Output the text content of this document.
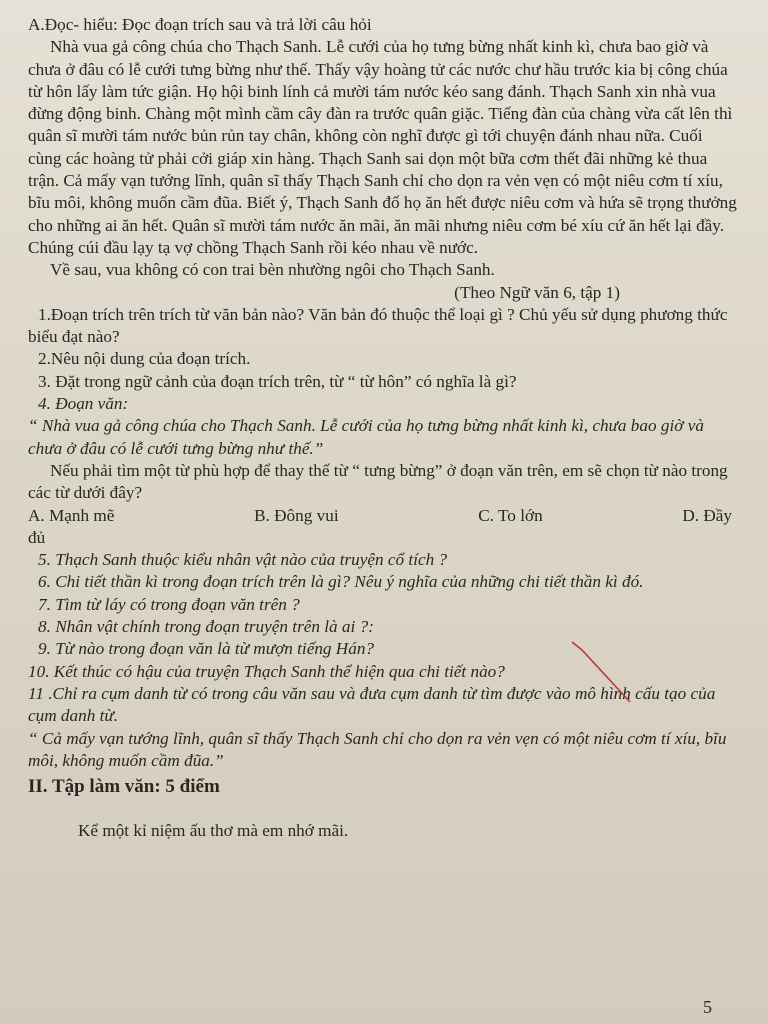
A.Đọc- hiểu: Đọc đoạn trích sau và trả lời câu hỏi

Nhà vua gả công chúa cho Thạch Sanh. Lễ cưới của họ tưng bừng nhất kinh kì, chưa bao giờ và chưa ở đâu có lễ cưới tưng bừng như thế. Thấy vậy hoàng tử các nước chư hầu trước kia bị công chúa từ hôn lấy làm tức giận. Họ hội binh lính cả mười tám nước kéo sang đánh. Thạch Sanh xin nhà vua đừng động binh. Chàng một mình cầm cây đàn ra trước quân giặc. Tiếng đàn của chàng vừa cất lên thì quân sĩ mười tám nước bủn rủn tay chân, không còn nghĩ được gì tới chuyện đánh nhau nữa. Cuối cùng các hoàng tử phải cởi giáp xin hàng. Thạch Sanh sai dọn một bữa cơm thết đãi những kẻ thua trận. Cả mấy vạn tướng lĩnh, quân sĩ thấy Thạch Sanh chỉ cho dọn ra vẻn vẹn có một niêu cơm tí xíu, bĩu môi, không muốn cầm đũa. Biết ý, Thạch Sanh đố họ ăn hết được niêu cơm và hứa sẽ trọng thưởng cho những ai ăn hết. Quân sĩ mười tám nước ăn mãi, ăn mãi nhưng niêu cơm bé xíu cứ ăn hết lại đầy. Chúng cúi đầu lạy tạ vợ chồng Thạch Sanh rồi kéo nhau về nước.

Về sau, vua không có con trai bèn nhường ngôi cho Thạch Sanh.

(Theo Ngữ văn 6, tập 1)

1.Đoạn trích trên trích từ văn bản nào? Văn bản đó thuộc thể loại gì ? Chủ yếu sử dụng phương thức biểu đạt nào?

2.Nêu nội dung của đoạn trích.

3. Đặt trong ngữ cảnh của đoạn trích trên, từ “ từ hôn” có nghĩa là gì?

4. Đoạn văn:

“ Nhà vua gả công chúa cho Thạch Sanh. Lễ cưới của họ tưng bừng nhất kinh kì, chưa bao giờ và chưa ở đâu có lễ cưới tưng bừng như thế.”

Nếu phải tìm một từ phù hợp để thay thế từ “ tưng bừng” ở đoạn văn trên, em sẽ chọn từ nào trong các từ dưới đây?

A. Mạnh mẽ	B. Đông vui	C. To lớn	D. Đầy

đủ

5. Thạch Sanh thuộc kiểu nhân vật nào của truyện cổ tích ?

6. Chi tiết thần kì trong đoạn trích trên là gì? Nêu ý nghĩa của những chi tiết thần kì đó.

7. Tìm từ láy có trong đoạn văn trên ?

8. Nhân vật chính trong đoạn truyện trên là ai ?:

9. Từ nào trong đoạn văn là từ mượn tiếng Hán?

10. Kết thúc có hậu của truyện Thạch Sanh thể hiện qua chi tiết nào?

11 .Chỉ ra cụm danh từ có trong câu văn sau và đưa cụm danh từ tìm được vào mô hình cấu tạo của cụm danh từ.

“ Cả mấy vạn tướng lĩnh, quân sĩ thấy Thạch Sanh chỉ cho dọn ra vẻn vẹn có một niêu cơm tí xíu, bĩu môi, không muốn cầm đũa.”

II. Tập làm văn: 5 điểm

Kể một kỉ niệm ấu thơ mà em nhớ mãi.

5
